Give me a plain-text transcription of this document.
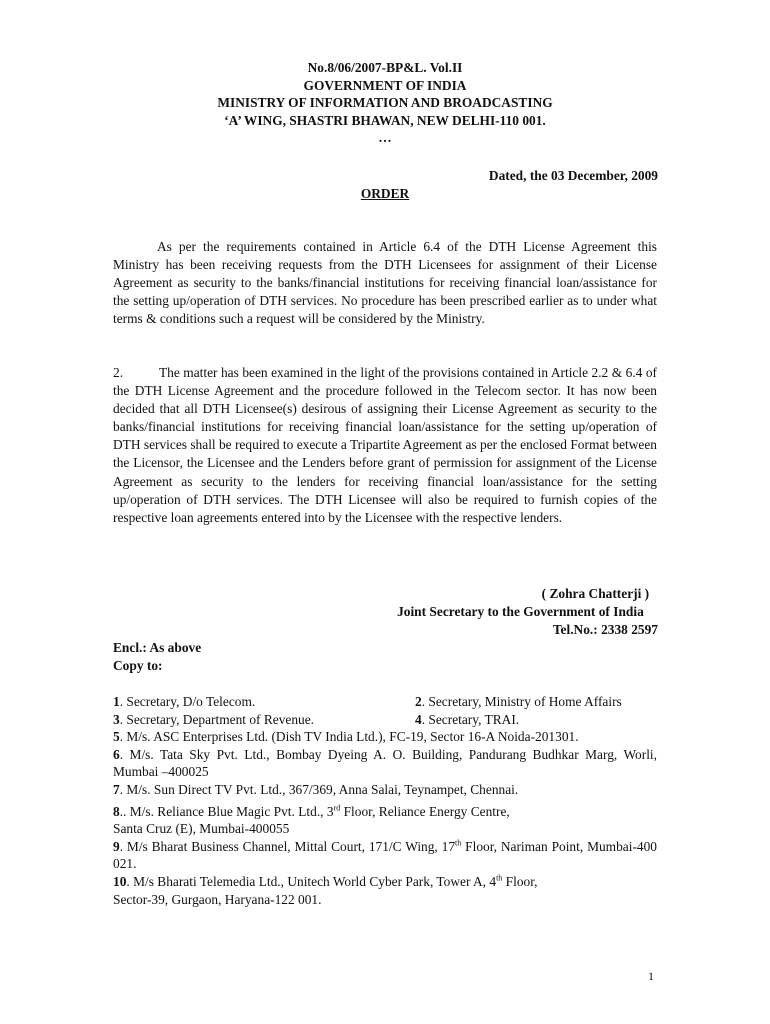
No.8/06/2007-BP&L. Vol.II
GOVERNMENT OF INDIA
MINISTRY OF INFORMATION AND BROADCASTING
‘A’ WING, SHASTRI BHAWAN, NEW DELHI-110 001.
…
Dated, the 03 December, 2009
ORDER
As per the requirements contained in Article 6.4 of the DTH License Agreement this Ministry has been receiving requests from the DTH Licensees for assignment of their License Agreement as security to the banks/financial institutions for receiving financial loan/assistance for the setting up/operation of DTH services. No procedure has been prescribed earlier as to under what terms & conditions such a request will be considered by the Ministry.
2.	The matter has been examined in the light of the provisions contained in Article 2.2 & 6.4 of the DTH License Agreement and the procedure followed in the Telecom sector. It has now been decided that all DTH Licensee(s) desirous of assigning their License Agreement as security to the banks/financial institutions for receiving financial loan/assistance for the setting up/operation of DTH services shall be required to execute a Tripartite Agreement as per the enclosed Format between the Licensor, the Licensee and the Lenders before grant of permission for assignment of the License Agreement as security to the lenders for receiving financial loan/assistance for the setting up/operation of DTH services. The DTH Licensee will also be required to furnish copies of the respective loan agreements entered into by the Licensee with the respective lenders.
( Zohra Chatterji )
Joint Secretary to the Government of India
Tel.No.: 2338 2597
Encl.: As above
Copy to:
1. Secretary, D/o Telecom.	2. Secretary, Ministry of Home Affairs
3. Secretary, Department of Revenue.	4. Secretary, TRAI.
5. M/s. ASC Enterprises Ltd. (Dish TV India Ltd.), FC-19, Sector 16-A Noida-201301.
6. M/s. Tata Sky Pvt. Ltd., Bombay Dyeing A. O. Building, Pandurang Budhkar Marg, Worli, Mumbai –400025
7. M/s. Sun Direct TV Pvt. Ltd., 367/369, Anna Salai, Teynampet, Chennai.
8.. M/s. Reliance Blue Magic Pvt. Ltd., 3rd Floor, Reliance Energy Centre,
Santa Cruz (E), Mumbai-400055
9. M/s Bharat Business Channel, Mittal Court, 171/C Wing, 17th Floor, Nariman Point, Mumbai-400 021.
10. M/s Bharati Telemedia Ltd., Unitech World Cyber Park, Tower A, 4th Floor,
Sector-39, Gurgaon, Haryana-122 001.
1
